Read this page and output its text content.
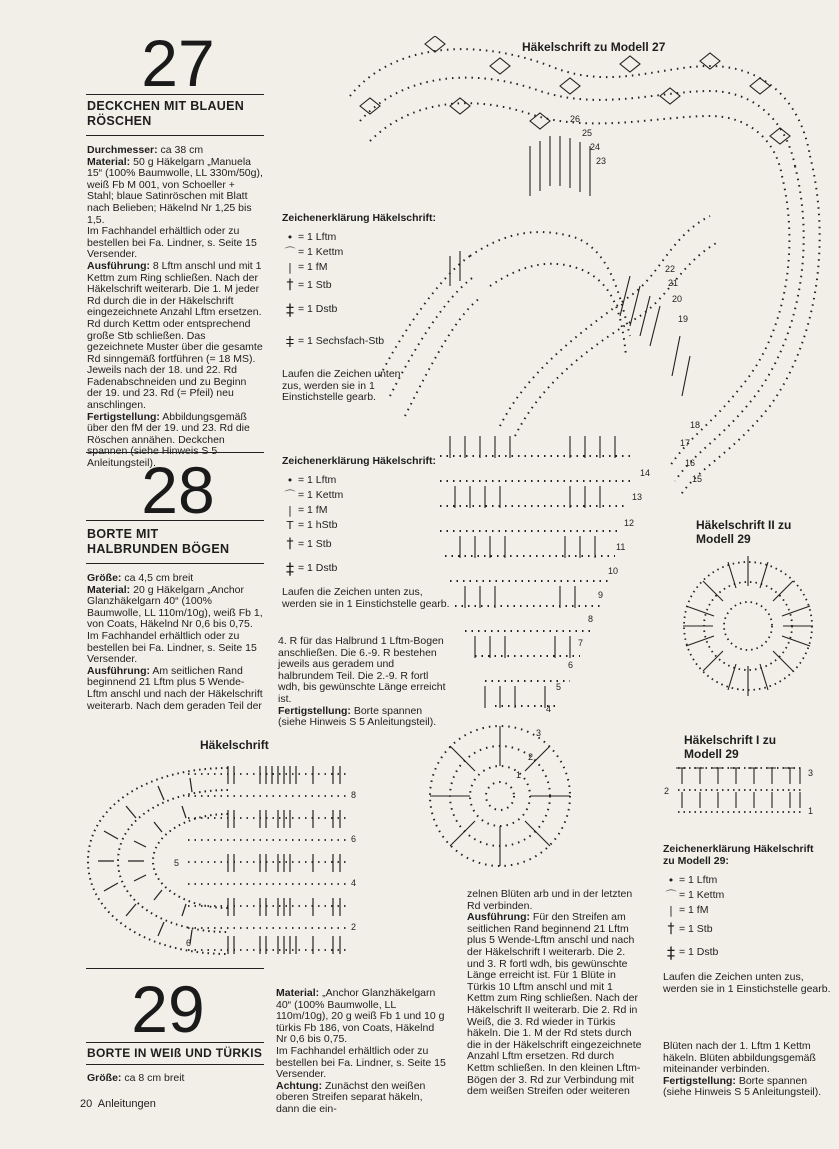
27
DECKCHEN MIT BLAUEN
RÖSCHEN

Durchmesser: ca 38 cm

Material: 50 g Häkelgarn „Manuela 15“ (100% Baumwolle, LL 330m/50g), weiß Fb M 001, von Schoeller + Stahl; blaue Satinröschen mit Blatt nach Belieben; Häkelnd Nr 1,25 bis 1,5.

Im Fachhandel erhältlich oder zu bestellen bei Fa. Lindner, s. Seite 15 Versender.

Ausführung: 8 Lftm anschl und mit 1 Kettm zum Ring schließen. Nach der Häkelschrift weiterarb. Die 1. M jeder Rd durch die in der Häkelschrift eingezeichnete Anzahl Lftm ersetzen. Rd durch Kettm oder entsprechend große Stb schließen. Das gezeichnete Muster über die gesamte Rd sinngemäß fortführen (= 18 MS). Jeweils nach der 18. und 22. Rd Fadenabschneiden und zu Beginn der 19. und 23. Rd (= Pfeil) neu anschlingen.

Fertigstellung: Abbildungsgemäß über den fM der 19. und 23. Rd die Röschen annähen. Deckchen spannen (siehe Hinweis S 5 Anleitungsteil).

28
BORTE MIT
HALBRUNDEN BÖGEN

Größe: ca 4,5 cm breit

Material: 20 g Häkelgarn „Anchor Glanzhäkelgarn 40“ (100% Baumwolle, LL 110m/10g), weiß Fb 1, von Coats, Häkelnd Nr 0,6 bis 0,75.

Im Fachhandel erhältlich oder zu bestellen bei Fa. Lindner, s. Seite 15 Versender.

Ausführung: Am seitlichen Rand beginnend 21 Lftm plus 5 Wende-Lftm anschl und nach der Häkelschrift weiterarb. Nach dem geraden Teil der

4. R für das Halbrund 1 Lftm-Bogen anschließen. Die 6.-9. R bestehen jeweils aus geradem und halbrundem Teil. Die 2.-9. R fortl wdh, bis gewünschte Länge erreicht ist.

Fertigstellung: Borte spannen (siehe Hinweis S 5 Anleitungsteil).

Häkelschrift
8
6
4
2
5
6
29
BORTE IN WEIß UND TÜRKIS
Größe: ca 8 cm breit

Material: „Anchor Glanzhäkelgarn 40“ (100% Baumwolle, LL 110m/10g), 20 g weiß Fb 1 und 10 g türkis Fb 186, von Coats, Häkelnd Nr 0,6 bis 0,75.

Im Fachhandel erhältlich oder zu bestellen bei Fa. Lindner, s. Seite 15 Versender.

Achtung: Zunächst den weißen oberen Streifen separat häkeln, dann die ein-

zelnen Blüten arb und in der letzten Rd verbinden.

Ausführung: Für den Streifen am seitlichen Rand beginnend 21 Lftm plus 5 Wende-Lftm anschl und nach der Häkelschrift I weiterarb. Die 2. und 3. R fortl wdh, bis gewünschte Länge erreicht ist. Für 1 Blüte in Türkis 10 Lftm anschl und mit 1 Kettm zum Ring schließen. Nach der Häkelschrift II weiterarb. Die 2. Rd in Weiß, die 3. Rd wieder in Türkis häkeln. Die 1. M der Rd stets durch die in der Häkelschrift eingezeichnete Anzahl Lftm ersetzen. Rd durch Kettm schließen. In den kleinen Lftm-Bögen der 3. Rd zur Verbindung mit dem weißen Streifen oder weiteren

Blüten nach der 1. Lftm 1 Kettm häkeln. Blüten abbildungsgemäß miteinander verbinden.

Fertigstellung: Borte spannen (siehe Hinweis S 5 Anleitungsteil).

Zeichenerklärung Häkelschrift:
• = 1 Lftm
⌒ = 1 Kettm
| = 1 fM
† = 1 Stb
‡ = 1 Dstb
⧧ = 1 Sechsfach-Stb
Laufen die Zeichen unten zus, werden sie in 1 Einstichstelle gearb.
Zeichenerklärung Häkelschrift:
• = 1 Lftm
⌒ = 1 Kettm
| = 1 fM
T = 1 hStb
† = 1 Stb
‡ = 1 Dstb
Laufen die Zeichen unten zus, werden sie in 1 Einstichstelle gearb.
Häkelschrift zu Modell 27
26
25
24
23
22
21
20
19
18
17
16
15
14
13
12
11
10
9
8
7
6
5
4
3
2
1
Häkelschrift II zu Modell 29
Häkelschrift I zu Modell 29
3
2
1
Zeichenerklärung Häkelschrift
zu Modell 29:
• = 1 Lftm
⌒ = 1 Kettm
| = 1 fM
† = 1 Stb
‡ = 1 Dstb
Laufen die Zeichen unten zus, werden sie in 1 Einstichstelle gearb.
20 Anleitungen
